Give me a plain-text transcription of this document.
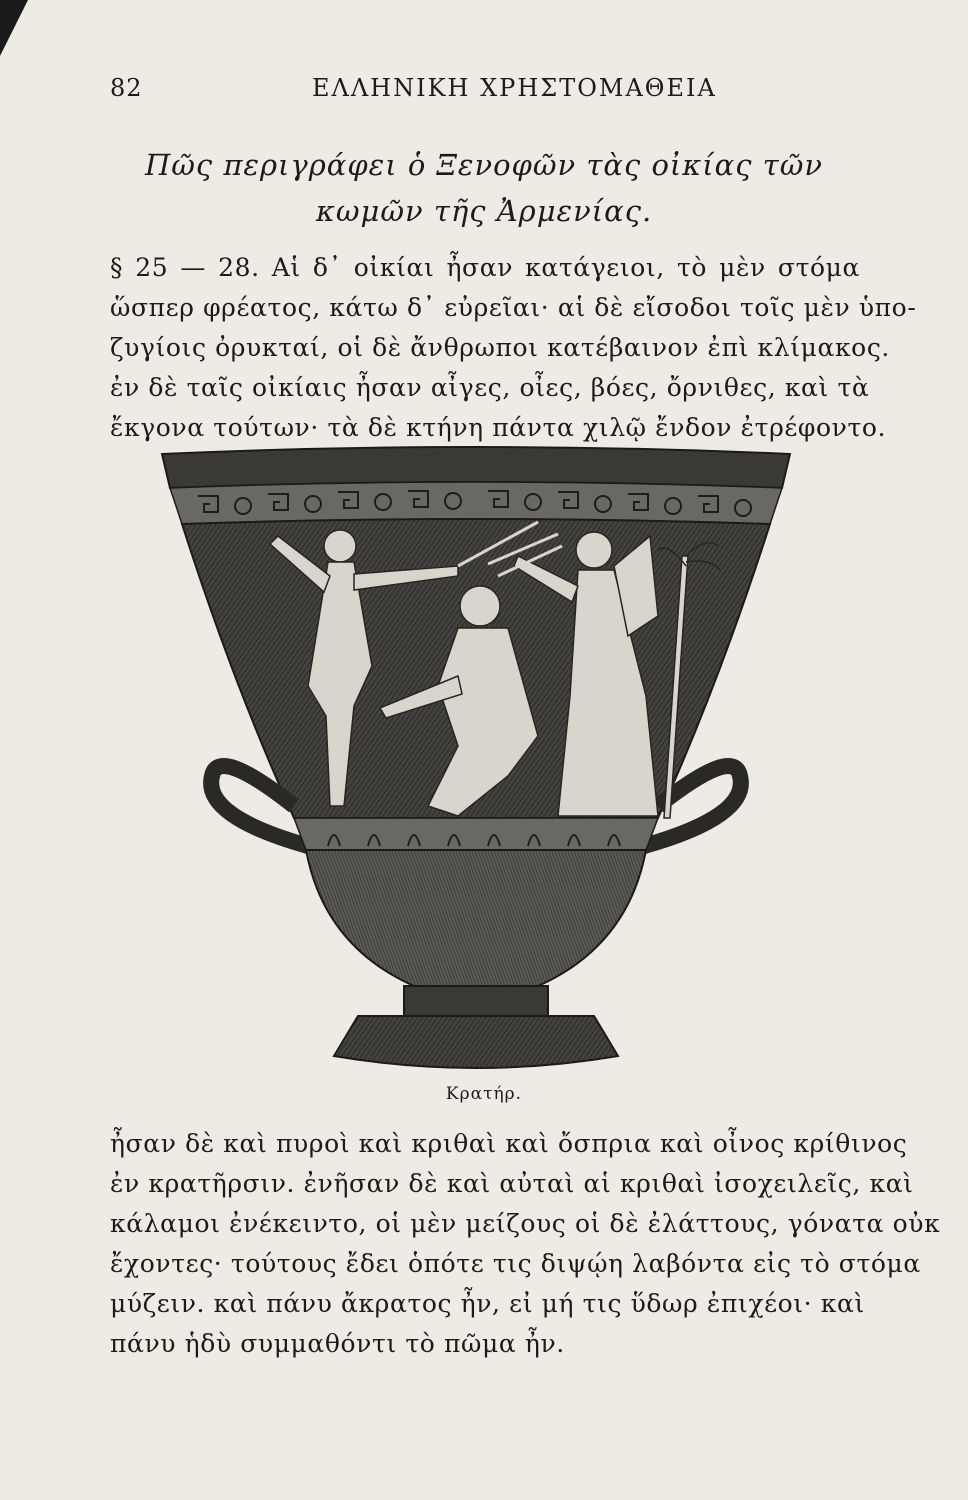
82	ΕΛΛΗΝΙΚΗ ΧΡΗΣΤΟΜΑΘΕΙΑ
Πῶς περιγράφει ὁ Ξενοφῶν τὰς οἰκίας τῶν
κωμῶν τῆς Ἀρμενίας.
§ 25 — 28. Αἱ δ᾽ οἰκίαι ἦσαν κατάγειοι, τὸ μὲν στόμα
ὥσπερ φρέατος, κάτω δ᾽ εὐρεῖαι· αἱ δὲ εἴσοδοι τοῖς μὲν ὑπο-
ζυγίοις ὀρυκταί, οἱ δὲ ἄνθρωποι κατέβαινον ἐπὶ κλίμακος.
ἐν δὲ ταῖς οἰκίαις ἦσαν αἶγες, οἶες, βόες, ὄρνιθες, καὶ τὰ
ἔκγονα τούτων· τὰ δὲ κτήνη πάντα χιλῷ ἔνδον ἐτρέφοντο.
Κρατήρ.
ἦσαν δὲ καὶ πυροὶ καὶ κριθαὶ καὶ ὄσπρια καὶ οἶνος κρίθινος
ἐν κρατῆρσιν. ἐνῆσαν δὲ καὶ αὐταὶ αἱ κριθαὶ ἰσοχειλεῖς, καὶ
κάλαμοι ἐνέκειντο, οἱ μὲν μείζους οἱ δὲ ἐλάττους, γόνατα οὐκ
ἔχοντες· τούτους ἔδει ὁπότε τις διψῴη λαβόντα εἰς τὸ στόμα
μύζειν. καὶ πάνυ ἄκρατος ἦν, εἰ μή τις ὕδωρ ἐπιχέοι· καὶ
πάνυ ἡδὺ συμμαθόντι τὸ πῶμα ἦν.
